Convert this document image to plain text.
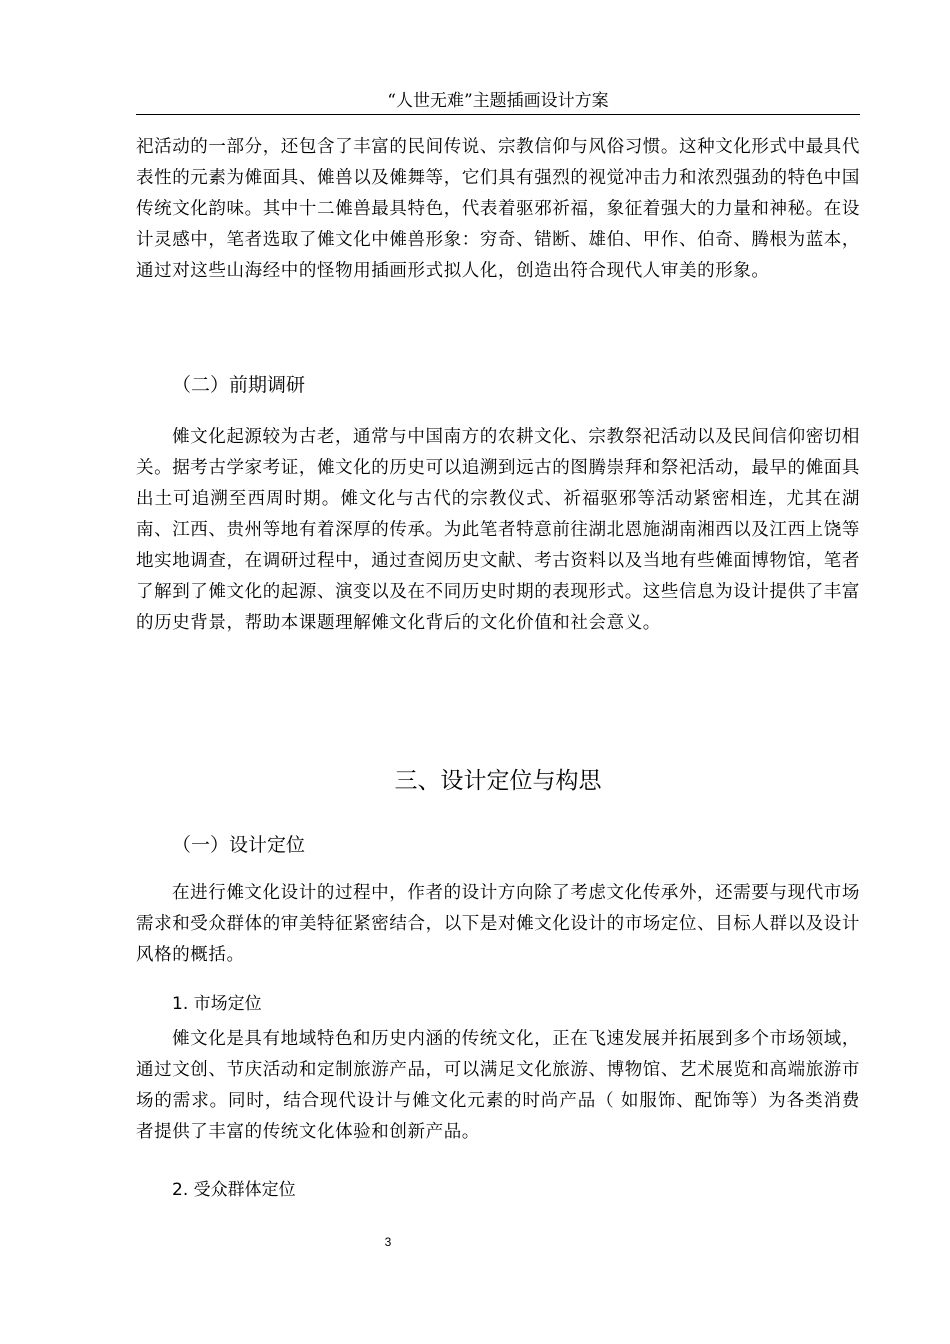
“人世无难”主题插画设计方案

祀活动的一部分，还包含了丰富的民间传说、宗教信仰与风俗习惯。这种文化形式中最具代表性的元素为傩面具、傩兽以及傩舞等，它们具有强烈的视觉冲击力和浓烈强劲的特色中国传统文化韵味。其中十二傩兽最具特色，代表着驱邪祈福，象征着强大的力量和神秘。在设计灵感中，笔者选取了傩文化中傩兽形象：穷奇、错断、雄伯、甲作、伯奇、腾根为蓝本，通过对这些山海经中的怪物用插画形式拟人化，创造出符合现代人审美的形象。

（二）前期调研

傩文化起源较为古老，通常与中国南方的农耕文化、宗教祭祀活动以及民间信仰密切相关。据考古学家考证，傩文化的历史可以追溯到远古的图腾崇拜和祭祀活动，最早的傩面具出土可追溯至西周时期。傩文化与古代的宗教仪式、祈福驱邪等活动紧密相连，尤其在湖南、江西、贵州等地有着深厚的传承。为此笔者特意前往湖北恩施湖南湘西以及江西上饶等地实地调查，在调研过程中，通过查阅历史文献、考古资料以及当地有些傩面博物馆，笔者了解到了傩文化的起源、演变以及在不同历史时期的表现形式。这些信息为设计提供了丰富的历史背景，帮助本课题理解傩文化背后的文化价值和社会意义。

三、设计定位与构思
（一）设计定位

在进行傩文化设计的过程中，作者的设计方向除了考虑文化传承外，还需要与现代市场需求和受众群体的审美特征紧密结合，以下是对傩文化设计的市场定位、目标人群以及设计风格的概括。

1. 市场定位

傩文化是具有地域特色和历史内涵的传统文化，正在飞速发展并拓展到多个市场领域，通过文创、节庆活动和定制旅游产品，可以满足文化旅游、博物馆、艺术展览和高端旅游市场的需求。同时，结合现代设计与傩文化元素的时尚产品（ 如服饰、配饰等）为各类消费者提供了丰富的传统文化体验和创新产品。

2. 受众群体定位
3
